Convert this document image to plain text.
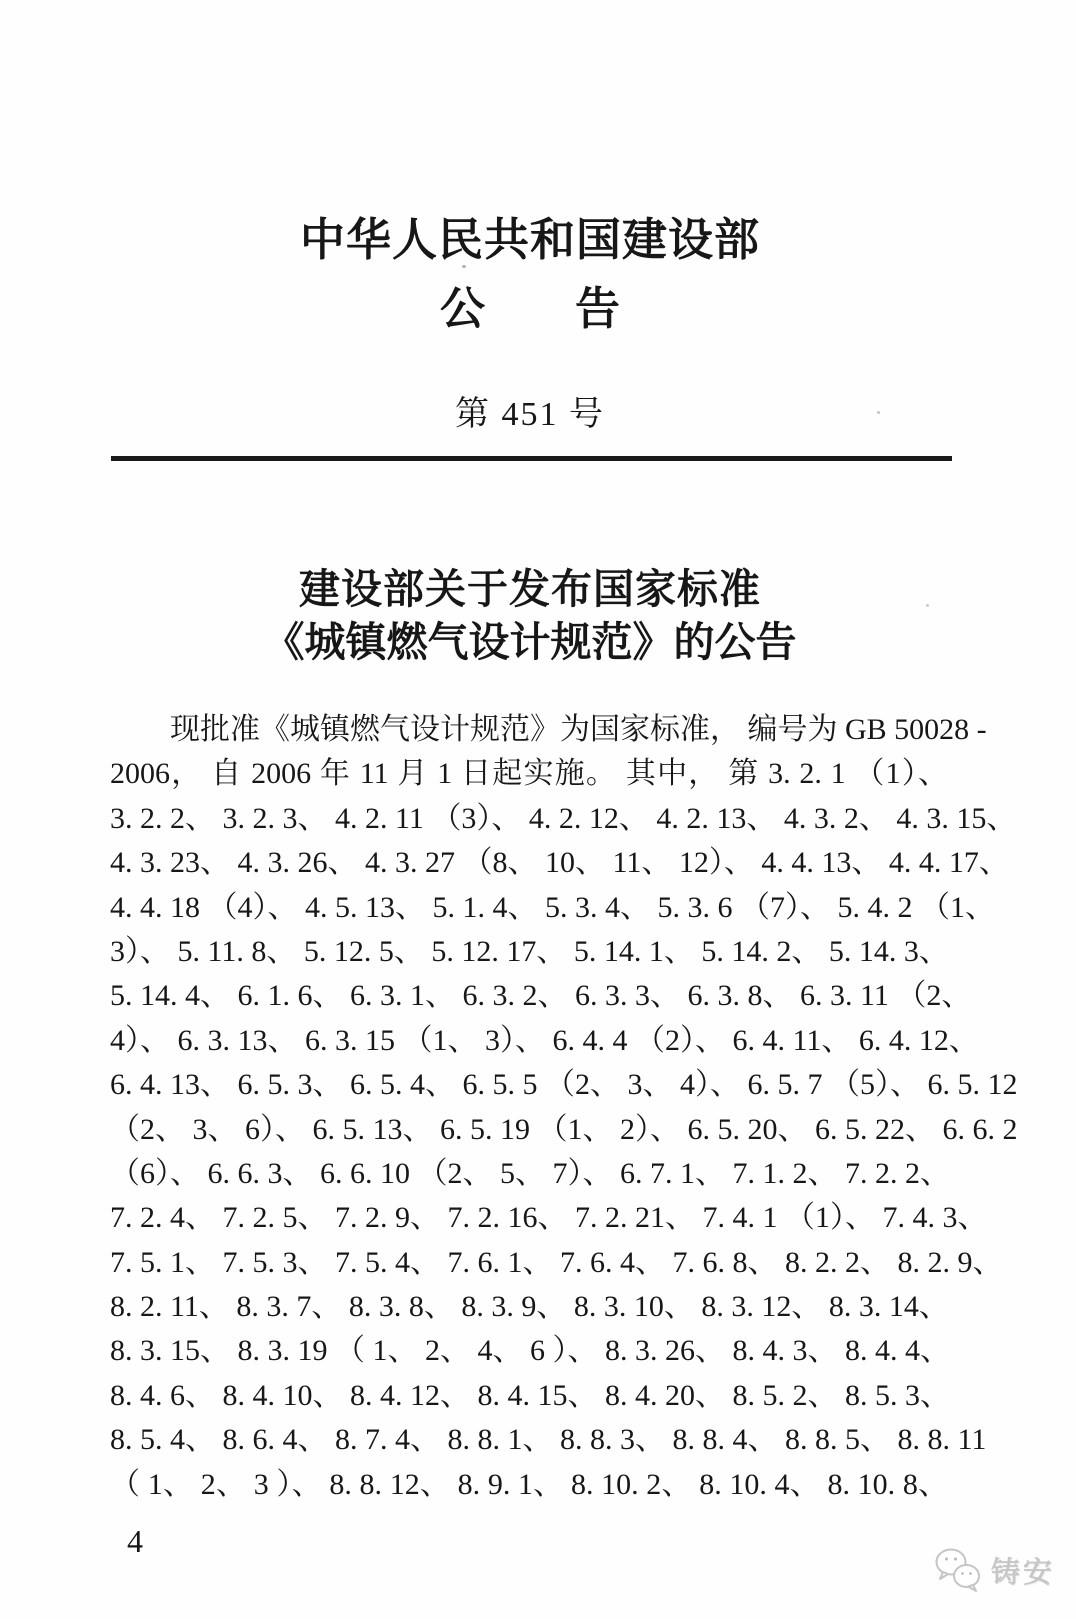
中华人民共和国建设部
公　　告
第 451 号
建设部关于发布国家标准
《城镇燃气设计规范》的公告

现批准《城镇燃气设计规范》为国家标准， 编号为 GB 50028 -

2006， 自 2006 年 11 月 1 日起实施。 其中， 第 3. 2. 1 （1）、

3. 2. 2、 3. 2. 3、 4. 2. 11 （3）、 4. 2. 12、 4. 2. 13、 4. 3. 2、 4. 3. 15、

4. 3. 23、 4. 3. 26、 4. 3. 27 （8、 10、 11、 12）、 4. 4. 13、 4. 4. 17、

4. 4. 18 （4）、 4. 5. 13、 5. 1. 4、 5. 3. 4、 5. 3. 6 （7）、 5. 4. 2 （1、

3）、 5. 11. 8、 5. 12. 5、 5. 12. 17、 5. 14. 1、 5. 14. 2、 5. 14. 3、

5. 14. 4、 6. 1. 6、 6. 3. 1、 6. 3. 2、 6. 3. 3、 6. 3. 8、 6. 3. 11 （2、

4）、 6. 3. 13、 6. 3. 15 （1、 3）、 6. 4. 4 （2）、 6. 4. 11、 6. 4. 12、

6. 4. 13、 6. 5. 3、 6. 5. 4、 6. 5. 5 （2、 3、 4）、 6. 5. 7 （5）、 6. 5. 12

（2、 3、 6）、 6. 5. 13、 6. 5. 19 （1、 2）、 6. 5. 20、 6. 5. 22、 6. 6. 2

（6）、 6. 6. 3、 6. 6. 10 （2、 5、 7）、 6. 7. 1、 7. 1. 2、 7. 2. 2、

7. 2. 4、 7. 2. 5、 7. 2. 9、 7. 2. 16、 7. 2. 21、 7. 4. 1 （1）、 7. 4. 3、

7. 5. 1、 7. 5. 3、 7. 5. 4、 7. 6. 1、 7. 6. 4、 7. 6. 8、 8. 2. 2、 8. 2. 9、

8. 2. 11、 8. 3. 7、 8. 3. 8、 8. 3. 9、 8. 3. 10、 8. 3. 12、 8. 3. 14、

8. 3. 15、 8. 3. 19 （ 1、 2、 4、 6 ）、 8. 3. 26、 8. 4. 3、 8. 4. 4、

8. 4. 6、 8. 4. 10、 8. 4. 12、 8. 4. 15、 8. 4. 20、 8. 5. 2、 8. 5. 3、

8. 5. 4、 8. 6. 4、 8. 7. 4、 8. 8. 1、 8. 8. 3、 8. 8. 4、 8. 8. 5、 8. 8. 11

（ 1、 2、 3 ）、 8. 8. 12、 8. 9. 1、 8. 10. 2、 8. 10. 4、 8. 10. 8、

4
铸安
